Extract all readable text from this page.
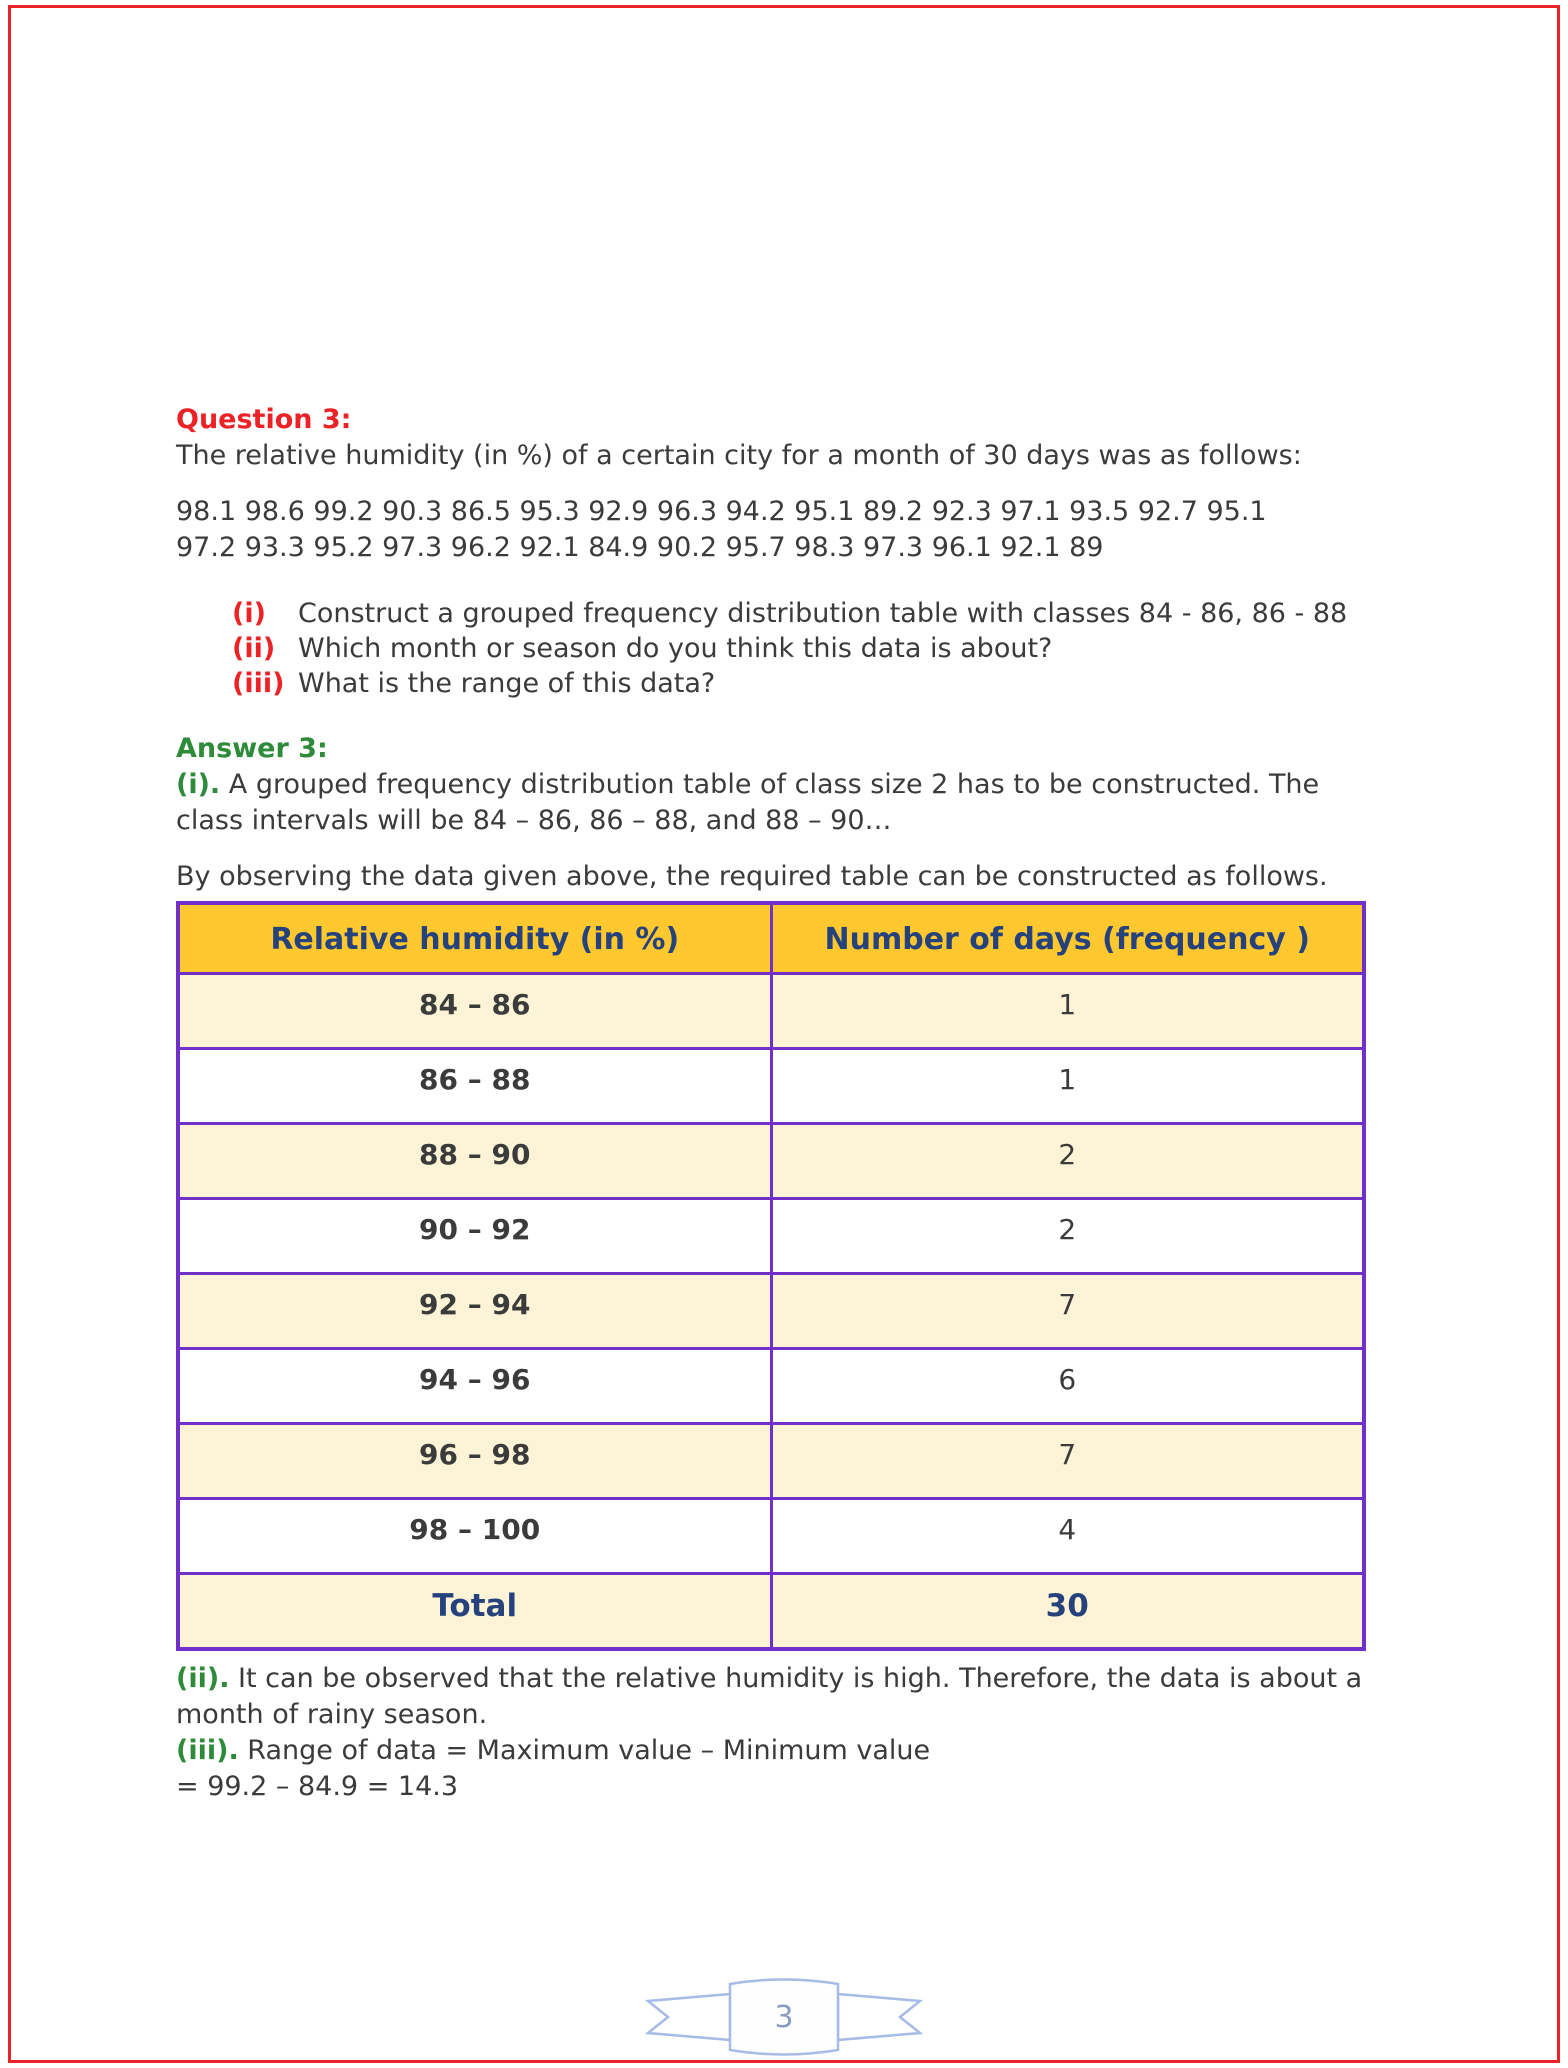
Question 3:
The relative humidity (in %) of a certain city for a month of 30 days was as follows:
98.1 98.6 99.2 90.3 86.5 95.3 92.9 96.3 94.2 95.1 89.2 92.3 97.1 93.5 92.7 95.1
97.2 93.3 95.2 97.3 96.2 92.1 84.9 90.2 95.7 98.3 97.3 96.1 92.1 89
(i)	Construct a grouped frequency distribution table with classes 84 - 86, 86 - 88
(ii) Which month or season do you think this data is about?
(iii) What is the range of this data?
Answer 3:
(i). A grouped frequency distribution table of class size 2 has to be constructed. The class intervals will be 84 – 86, 86 – 88, and 88 – 90…
By observing the data given above, the required table can be constructed as follows.
Relative humidity (in %)	Number of days (frequency )
84 – 86	1
86 – 88	1
88 – 90	2
90 – 92	2
92 – 94	7
94 – 96	6
96 – 98	7
98 – 100	4
Total	30
(ii). It can be observed that the relative humidity is high. Therefore, the data is about a month of rainy season.
(iii). Range of data = Maximum value – Minimum value
= 99.2 – 84.9 = 14.3
3
